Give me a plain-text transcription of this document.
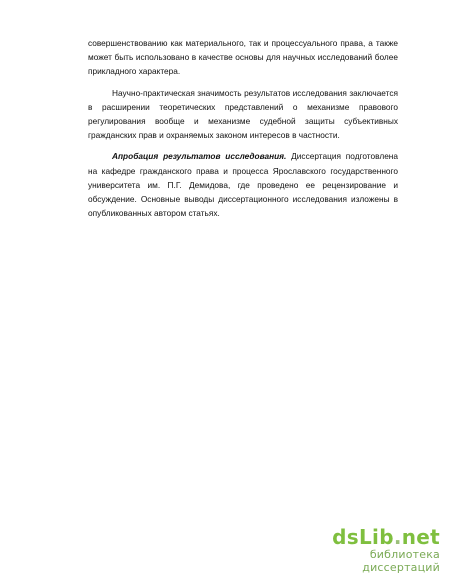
совершенствованию как материального, так и процессуального права, а также может быть использовано в качестве основы для научных исследований более прикладного характера.

Научно-практическая значимость результатов исследования заключается в расширении теоретических представлений о механизме правового регулирования вообще и механизме судебной защиты субъективных гражданских прав и охраняемых законом интересов в частности.

Апробация результатов исследования. Диссертация подготовлена на кафедре гражданского права и процесса Ярославского государственного университета им. П.Г. Демидова, где проведено ее рецензирование и обсуждение. Основные выводы диссертационного исследования изложены в опубликованных автором статьях.

dsLib.net
библиотека диссертаций
